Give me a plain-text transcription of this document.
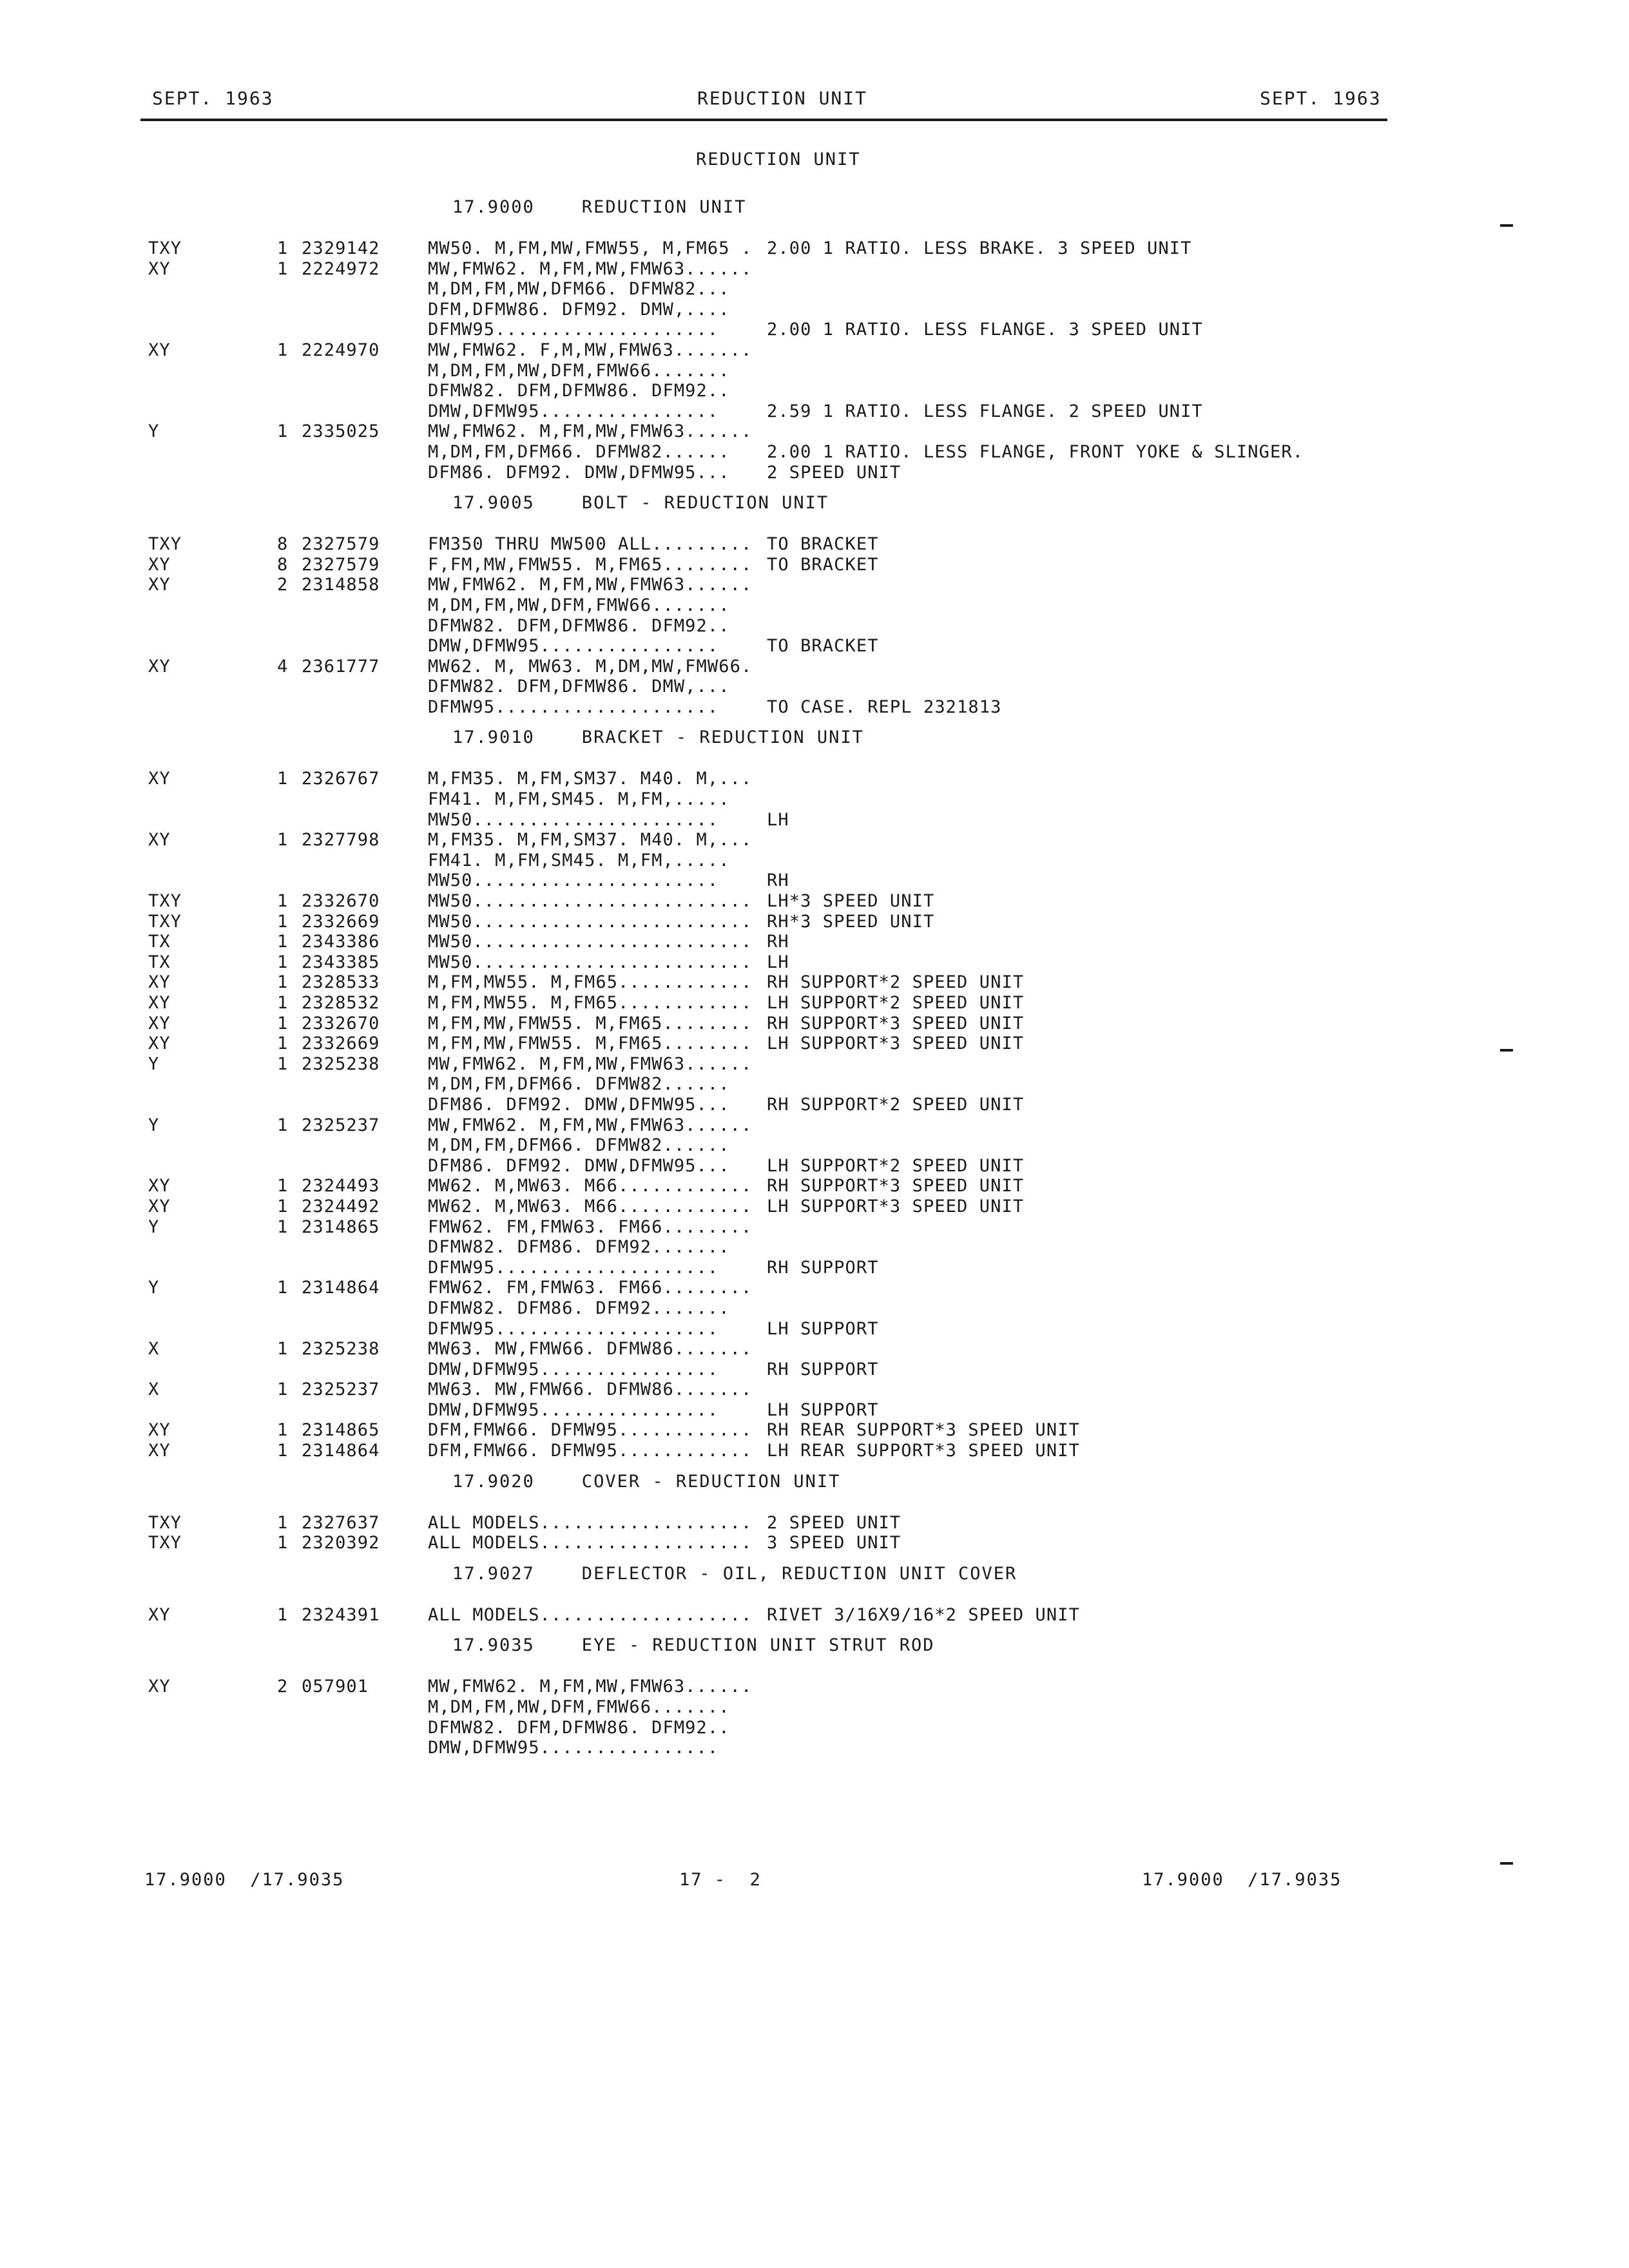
SEPT. 1963	REDUCTION UNIT	SEPT. 1963
REDUCTION UNIT
17.9000    REDUCTION UNIT
TXY	1 2329142	MW50. M,FM,MW,FMW55, M,FM65 . 2.00 1 RATIO. LESS BRAKE. 3 SPEED UNIT
XY	1 2224972	MW,FMW62. M,FM,MW,FMW63......
M,DM,FM,MW,DFM66. DFMW82...
DFM,DFMW86. DFM92. DMW,....
DFMW95....................	2.00 1 RATIO. LESS FLANGE. 3 SPEED UNIT
XY	1 2224970	MW,FMW62. F,M,MW,FMW63.......
M,DM,FM,MW,DFM,FMW66.......
DFMW82. DFM,DFMW86. DFM92..
DMW,DFMW95................	2.59 1 RATIO. LESS FLANGE. 2 SPEED UNIT
Y	1 2335025	MW,FMW62. M,FM,MW,FMW63......
M,DM,FM,DFM66. DFMW82...... 2.00 1 RATIO. LESS FLANGE, FRONT YOKE & SLINGER.
DFM86. DFM92. DMW,DFMW95... 2 SPEED UNIT
17.9005    BOLT - REDUCTION UNIT
TXY	8 2327579	FM350 THRU MW500 ALL......... TO BRACKET
XY	8 2327579	F,FM,MW,FMW55. M,FM65........ TO BRACKET
XY	2 2314858	MW,FMW62. M,FM,MW,FMW63......
M,DM,FM,MW,DFM,FMW66.......
DFMW82. DFM,DFMW86. DFM92..
DMW,DFMW95................	TO BRACKET
XY	4 2361777	MW62. M, MW63. M,DM,MW,FMW66.
DFMW82. DFM,DFMW86. DMW,...
DFMW95....................	TO CASE. REPL 2321813
17.9010    BRACKET - REDUCTION UNIT
XY	1 2326767	M,FM35. M,FM,SM37. M40. M,...
FM41. M,FM,SM45. M,FM,.....
MW50......................	LH
XY	1 2327798	M,FM35. M,FM,SM37. M40. M,...
FM41. M,FM,SM45. M,FM,.....
MW50......................	RH
TXY	1 2332670	MW50......................... LH*3 SPEED UNIT
TXY	1 2332669	MW50......................... RH*3 SPEED UNIT
TX	1 2343386	MW50......................... RH
TX	1 2343385	MW50......................... LH
XY	1 2328533	M,FM,MW55. M,FM65............ RH SUPPORT*2 SPEED UNIT
XY	1 2328532	M,FM,MW55. M,FM65............ LH SUPPORT*2 SPEED UNIT
XY	1 2332670	M,FM,MW,FMW55. M,FM65........ RH SUPPORT*3 SPEED UNIT
XY	1 2332669	M,FM,MW,FMW55. M,FM65........ LH SUPPORT*3 SPEED UNIT
Y	1 2325238	MW,FMW62. M,FM,MW,FMW63......
M,DM,FM,DFM66. DFMW82......
DFM86. DFM92. DMW,DFMW95... RH SUPPORT*2 SPEED UNIT
Y	1 2325237	MW,FMW62. M,FM,MW,FMW63......
M,DM,FM,DFM66. DFMW82......
DFM86. DFM92. DMW,DFMW95... LH SUPPORT*2 SPEED UNIT
XY	1 2324493	MW62. M,MW63. M66............ RH SUPPORT*3 SPEED UNIT
XY	1 2324492	MW62. M,MW63. M66............ LH SUPPORT*3 SPEED UNIT
Y	1 2314865	FMW62. FM,FMW63. FM66........
DFMW82. DFM86. DFM92.......
DFMW95....................	RH SUPPORT
Y	1 2314864	FMW62. FM,FMW63. FM66........
DFMW82. DFM86. DFM92.......
DFMW95....................	LH SUPPORT
X	1 2325238	MW63. MW,FMW66. DFMW86.......
DMW,DFMW95................	RH SUPPORT
X	1 2325237	MW63. MW,FMW66. DFMW86.......
DMW,DFMW95................	LH SUPPORT
XY	1 2314865	DFM,FMW66. DFMW95............ RH REAR SUPPORT*3 SPEED UNIT
XY	1 2314864	DFM,FMW66. DFMW95............ LH REAR SUPPORT*3 SPEED UNIT
17.9020    COVER - REDUCTION UNIT
TXY	1 2327637	ALL MODELS................... 2 SPEED UNIT
TXY	1 2320392	ALL MODELS................... 3 SPEED UNIT
17.9027    DEFLECTOR - OIL, REDUCTION UNIT COVER
XY	1 2324391	ALL MODELS................... RIVET 3/16X9/16*2 SPEED UNIT
17.9035    EYE - REDUCTION UNIT STRUT ROD
XY	2 057901	MW,FMW62. M,FM,MW,FMW63......
M,DM,FM,MW,DFM,FMW66.......
DFMW82. DFM,DFMW86. DFM92..
DMW,DFMW95................
17.9000  /17.9035	17 -  2	17.9000  /17.9035
